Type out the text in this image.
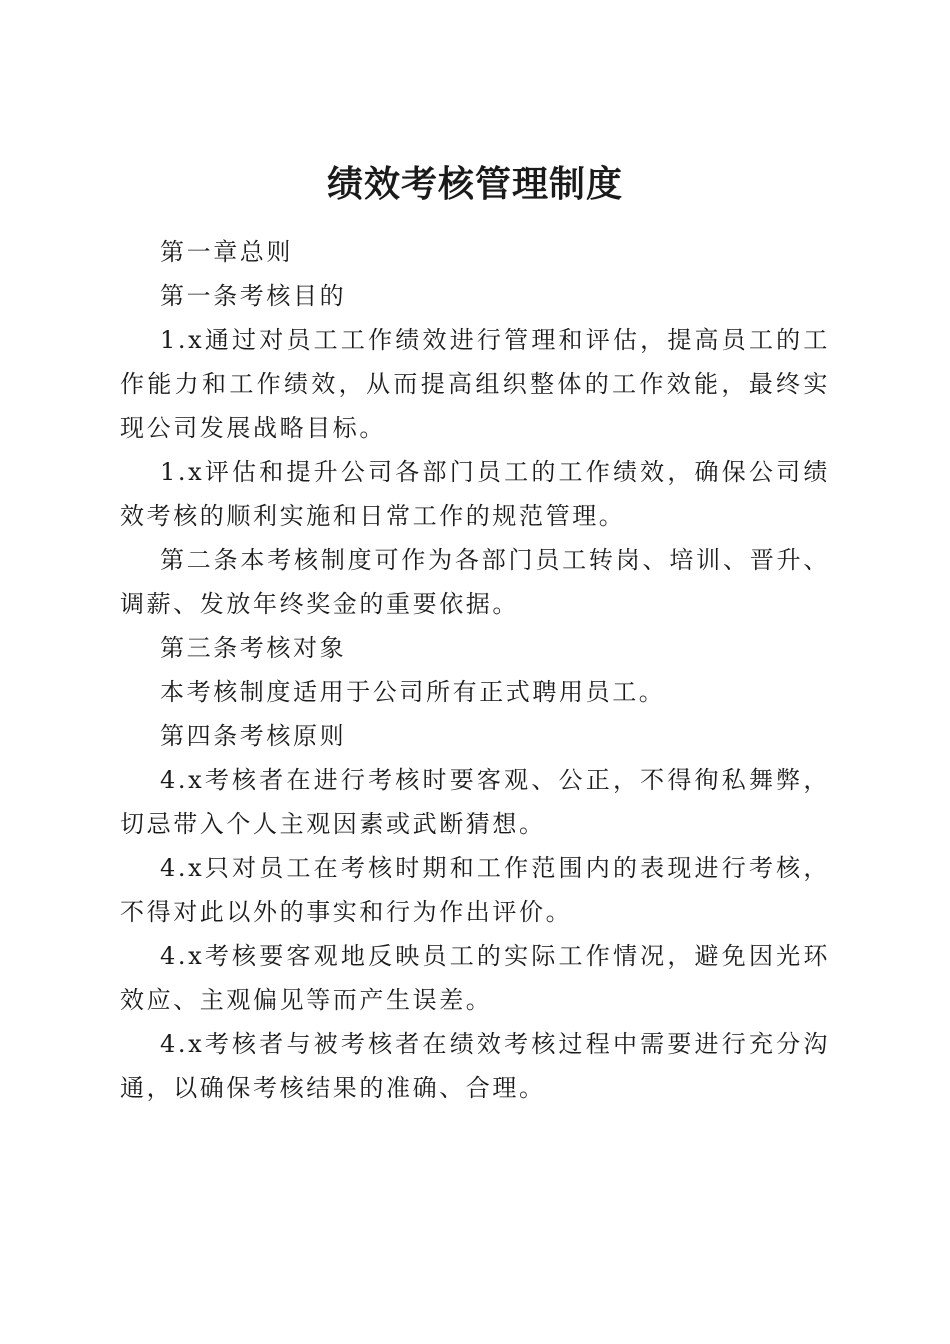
绩效考核管理制度

第一章总则

第一条考核目的

1.x通过对员工工作绩效进行管理和评估，提高员工的工作能力和工作绩效，从而提高组织整体的工作效能，最终实现公司发展战略目标。

1.x评估和提升公司各部门员工的工作绩效，确保公司绩效考核的顺利实施和日常工作的规范管理。

第二条本考核制度可作为各部门员工转岗、培训、晋升、调薪、发放年终奖金的重要依据。

第三条考核对象

本考核制度适用于公司所有正式聘用员工。

第四条考核原则

4.x考核者在进行考核时要客观、公正，不得徇私舞弊，切忌带入个人主观因素或武断猜想。

4.x只对员工在考核时期和工作范围内的表现进行考核，不得对此以外的事实和行为作出评价。

4.x考核要客观地反映员工的实际工作情况，避免因光环效应、主观偏见等而产生误差。

4.x考核者与被考核者在绩效考核过程中需要进行充分沟通，以确保考核结果的准确、合理。
